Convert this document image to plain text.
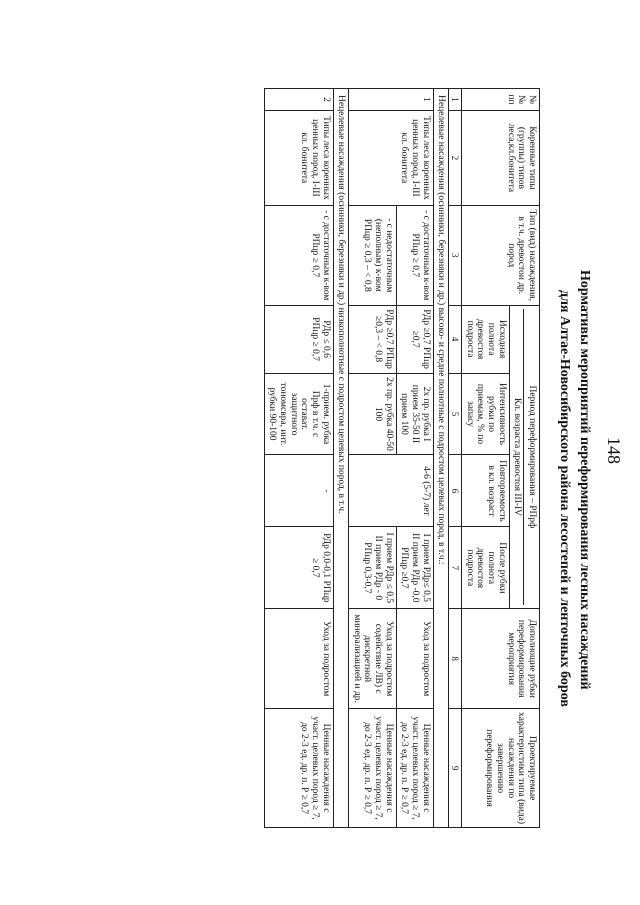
148
Нормативы мероприятий переформирования лесных насаждений
для Алтае-Новосибирского района лесостепей и ленточных боров
№ № пп	Коренные типы (группы) типов леса,кл.бонитета	Тип (вид) насаждения, в т.ч. древостои др. пород	Период переформирования – РПрф
Кл. возраста древостоя III-IV				Дополнощие рубки переформирования мероприятия	Проектируемые характеристики типа (вида) насаждения по завершению переформирования
			Исходная полнота древостоя подроста	Интенсивность рубки по приемам, % по запасу	Повторяемость в кл. возраст	После рубки полнота древостоя подроста		
1	2	3	4	5	6	7	8	9
Нецелевые насаждения (осинники, березняки и др.) высоко- и средне полнотные с подростом целевых пород, в т.ч.:								
1	Типы леса коренных ценных пород, I-III кл. бонитета	- с достаточным к-вом РПцр ≥ 0,7	РДр ≥0,7 РПцр ≥0,7	2х пр. рубка I прием 35-50 II прием 100	4-6 (5-7) лет	I прием РДр≤ 0,5 II прием РДр -0,0 РПцр ≥0,7	Уход за подростом	Ценные насаждения с участ. целевых пород ≥ 7, до 2-3 ед. др. п. Р ≥ 0,7
		- с недостаточным (неполным) к-вом РПцр ≥ 0,3 – < 0,8	РДр ≥0,7 РПцр ≥0,3 – < 0,8	2х пр. рубка 40-50 100		I прием РДр ≤ 0,5 II прием РДр - 0 РПцр 0,3-0,7	Уход за подростом содействие ЛВ) с дискретной минерализацией и др.	Ценные насаждения с участ. целевых пород ≥ 7, до 2-3 ед. др. п. Р ≥ 0,7
Нецелевые насаждения (осинники, березняки и др.) низкополнотные с подростом целевых пород, в т.ч.								
2	Типы леса коренных ценных пород, I-III кл. бонитета	- с достаточным к-вом РПцр ≥ 0,7	РДр ≤ 0,6 РПцр ≥ 0,7	1-прием. рубка Прф в т.ч. с остават. защитного тономсвра, инт. рубки 90-100	-	РДр 0,0-0,1 РПцр ≥ 0,7	Уход за подростом	Ценные насаждения с участ. целевых пород ≥ 7, до 2-3 ед. др. п. Р ≥ 0,7
